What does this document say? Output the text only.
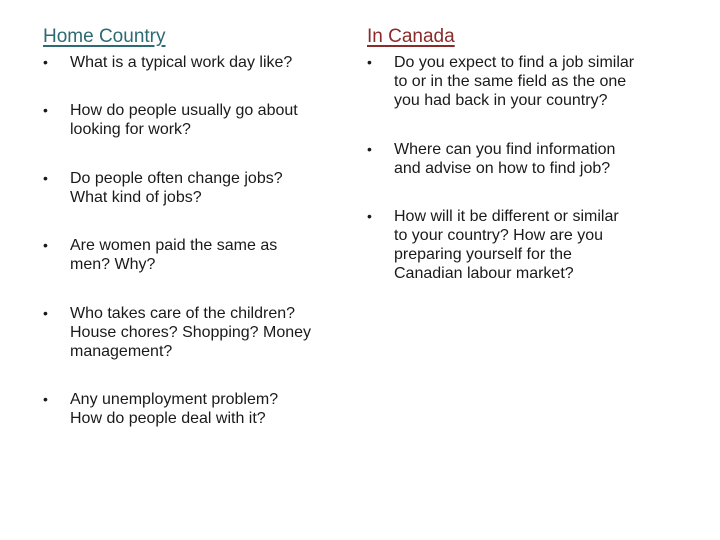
Home Country	In Canada
• What is a typical work day like?
• How do people usually go about
looking for work?
• Do people often change jobs?
What kind of jobs?
• Are women paid the same as
men? Why?
• Who takes care of the children?
House chores? Shopping? Money
management?
• Any unemployment problem?
How do people deal with it?
• Do you expect to find a job similar
to or in the same field as the one
you had back in your country?
• Where can you find information
and advise on how to find job?
• How will it be different or similar
to your country? How are you
preparing yourself for the
Canadian labour market?
